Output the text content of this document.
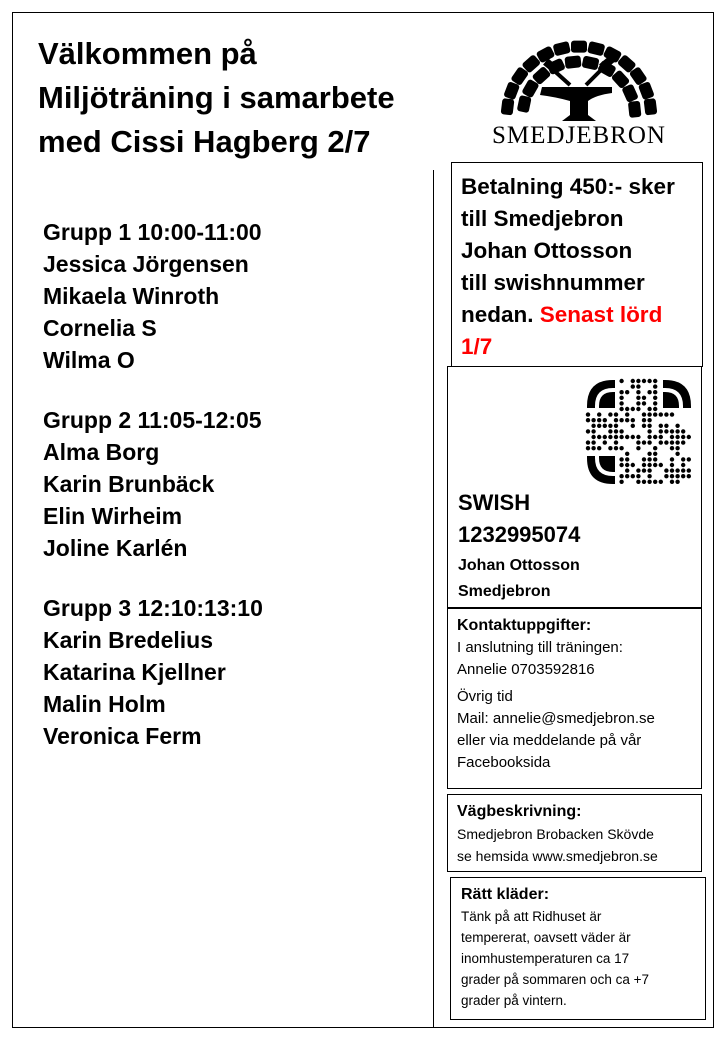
Välkommen på
Miljöträning i samarbete
med Cissi Hagberg 2/7	SMEDJEBRON
Grupp 1 10:00-11:00
Jessica Jörgensen
Mikaela Winroth
Cornelia S
Wilma O
Grupp 2 11:05-12:05
Alma Borg
Karin Brunbäck
Elin Wirheim
Joline Karlén
Grupp 3 12:10:13:10
Karin Bredelius
Katarina Kjellner
Malin Holm
Veronica Ferm
Betalning 450:- sker
till Smedjebron
Johan Ottosson
till swishnummer
nedan. Senast lörd
1/7
SWISH
1232995074
Johan Ottosson
Smedjebron
Kontaktuppgifter:
I anslutning till träningen:
Annelie 0703592816
Övrig tid
Mail: annelie@smedjebron.se
eller via meddelande på vår
Facebooksida
Vägbeskrivning:
Smedjebron Brobacken Skövde
se hemsida www.smedjebron.se
Rätt kläder:
Tänk på att Ridhuset är
tempererat, oavsett väder är
inomhustemperaturen ca 17
grader på sommaren och ca +7
grader på vintern.
